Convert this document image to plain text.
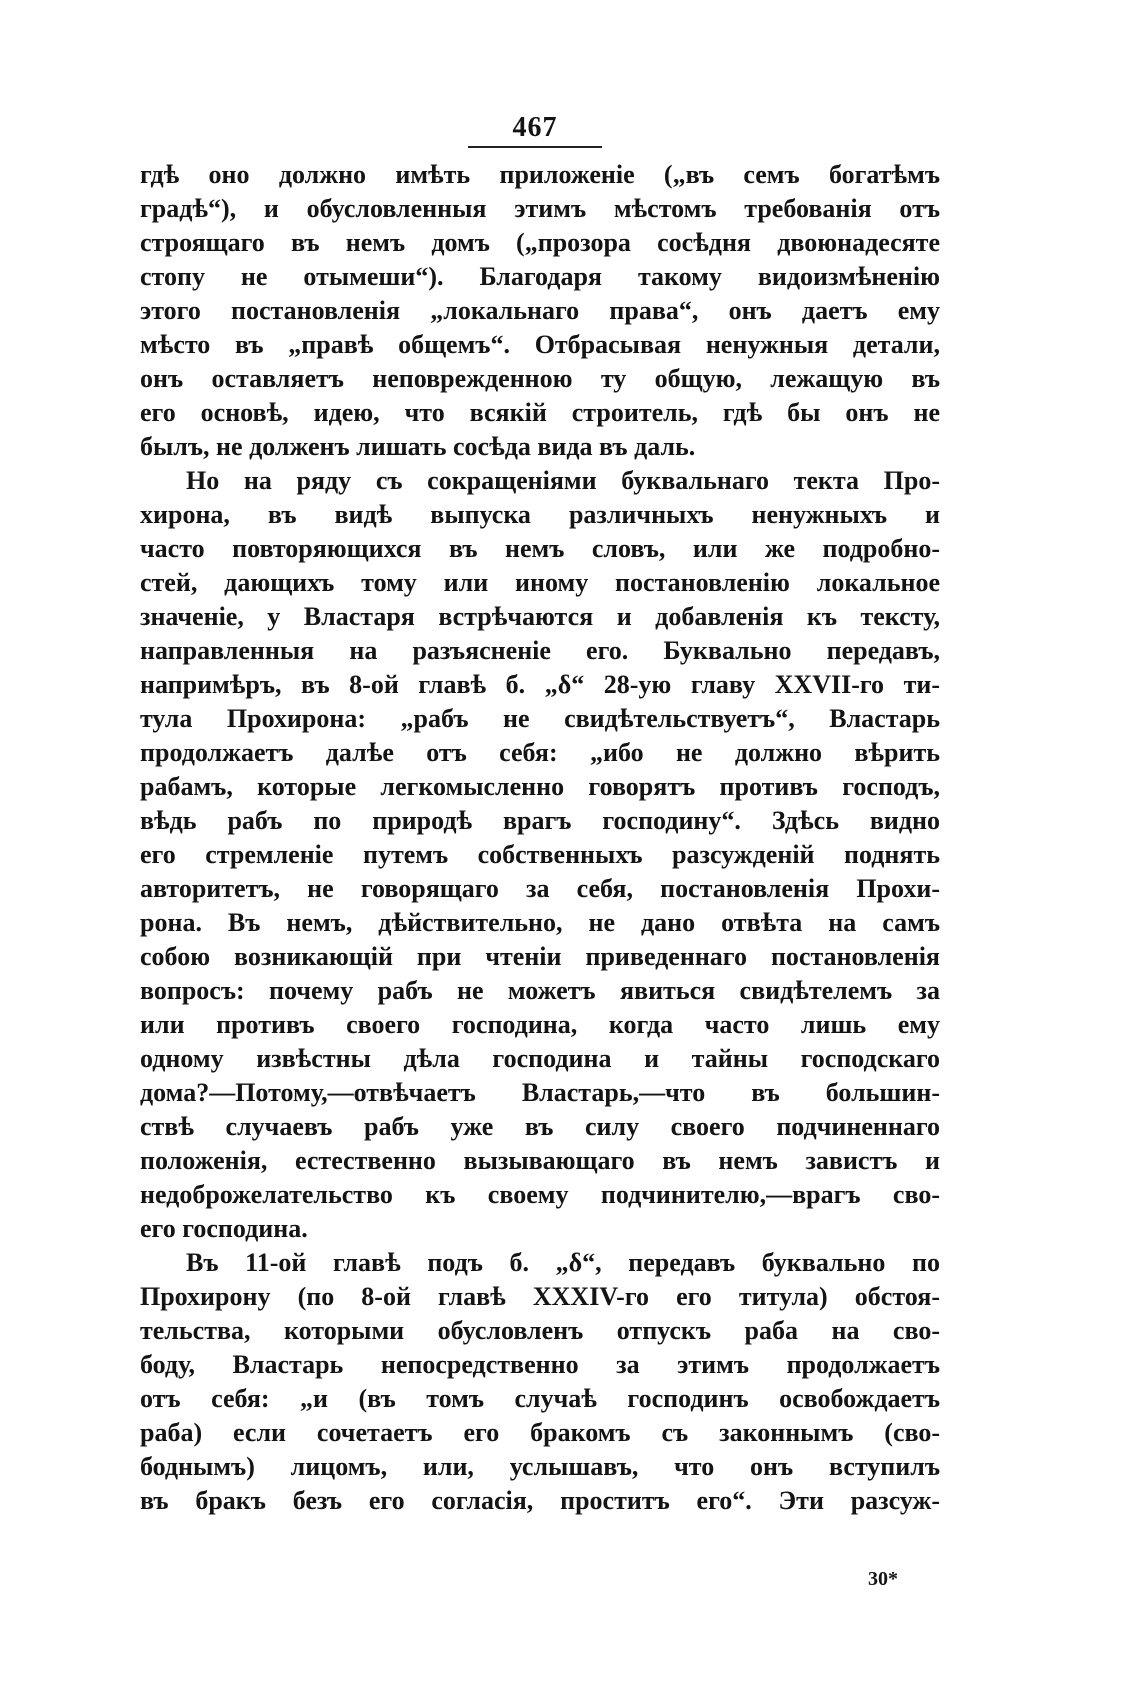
467
гдѣ оно должно имѣть приложеніе („въ семъ богатѣмъ
градѣ“), и обусловленныя этимъ мѣстомъ требованія отъ
строящаго въ немъ домъ („прозора сосѣдня двоюнадесяте
стопу не отымеши“). Благодаря такому видоизмѣненію
этого постановленія „локальнаго права“, онъ даетъ ему
мѣсто въ „правѣ общемъ“. Отбрасывая ненужныя детали,
онъ оставляетъ неповрежденною ту общую, лежащую въ
его основѣ, идею, что всякій строитель, гдѣ бы онъ не
былъ, не долженъ лишать сосѣда вида въ даль.
Но на ряду съ сокращеніями буквальнаго текта Про-
хирона, въ видѣ выпуска различныхъ ненужныхъ и
часто повторяющихся въ немъ словъ, или же подробно-
стей, дающихъ тому или иному постановленію локальное
значеніе, у Властаря встрѣчаются и добавленія къ тексту,
направленныя на разъясненіе его. Буквально передавъ,
напримѣръ, въ 8-ой главѣ б. „δ“ 28-ую главу XXVII-го ти-
тула Прохирона: „рабъ не свидѣтельствуетъ“, Властарь
продолжаетъ далѣе отъ себя: „ибо не должно вѣрить
рабамъ, которые легкомысленно говорятъ противъ господъ,
вѣдь рабъ по природѣ врагъ господину“. Здѣсь видно
его стремленіе путемъ собственныхъ разсужденій поднять
авторитетъ, не говорящаго за себя, постановленія Прохи-
рона. Въ немъ, дѣйствительно, не дано отвѣта на самъ
собою возникающій при чтеніи приведеннаго постановленія
вопросъ: почему рабъ не можетъ явиться свидѣтелемъ за
или противъ своего господина, когда часто лишь ему
одному извѣстны дѣла господина и тайны господскаго
дома?—Потому,—отвѣчаетъ Властарь,—что въ большин-
ствѣ случаевъ рабъ уже въ силу своего подчиненнаго
положенія, естественно вызывающаго въ немъ завистъ и
недоброжелательство къ своему подчинителю,—врагъ сво-
его господина.
Въ 11-ой главѣ подъ б. „δ“, передавъ буквально по
Прохирону (по 8-ой главѣ XXXIV-го его титула) обстоя-
тельства, которыми обусловленъ отпускъ раба на сво-
боду, Властарь непосредственно за этимъ продолжаетъ
отъ себя: „и (въ томъ случаѣ господинъ освобождаетъ
раба) если сочетаетъ его бракомъ съ законнымъ (сво-
боднымъ) лицомъ, или, услышавъ, что онъ вступилъ
въ бракъ безъ его согласія, проститъ его“. Эти разсуж-
30*
